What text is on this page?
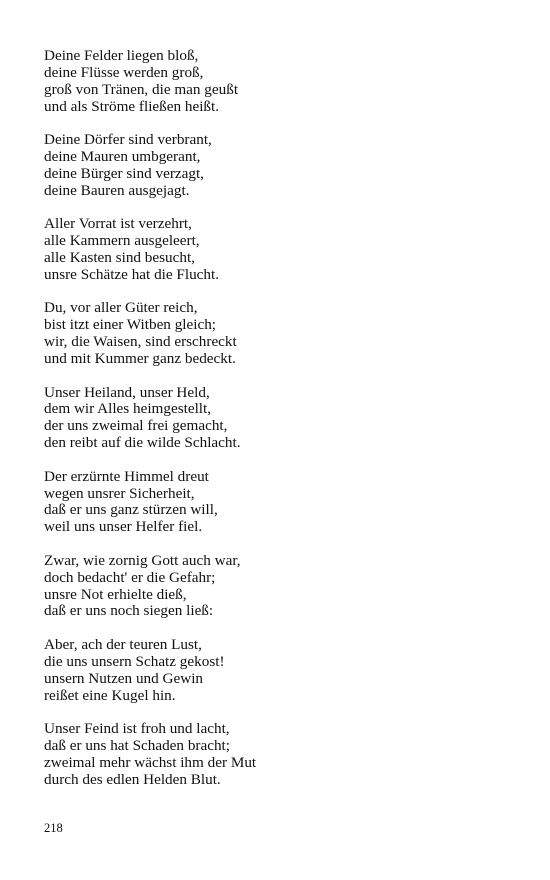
Deine Felder liegen bloß,
deine Flüsse werden groß,
groß von Tränen, die man geußt
und als Ströme fließen heißt.
Deine Dörfer sind verbrant,
deine Mauren umbgerant,
deine Bürger sind verzagt,
deine Bauren ausgejagt.
Aller Vorrat ist verzehrt,
alle Kammern ausgeleert,
alle Kasten sind besucht,
unsre Schätze hat die Flucht.
Du, vor aller Güter reich,
bist itzt einer Witben gleich;
wir, die Waisen, sind erschreckt
und mit Kummer ganz bedeckt.
Unser Heiland, unser Held,
dem wir Alles heimgestellt,
der uns zweimal frei gemacht,
den reibt auf die wilde Schlacht.
Der erzürnte Himmel dreut
wegen unsrer Sicherheit,
daß er uns ganz stürzen will,
weil uns unser Helfer fiel.
Zwar, wie zornig Gott auch war,
doch bedacht' er die Gefahr;
unsre Not erhielte dieß,
daß er uns noch siegen ließ:
Aber, ach der teuren Lust,
die uns unsern Schatz gekost!
unsern Nutzen und Gewin
reißet eine Kugel hin.
Unser Feind ist froh und lacht,
daß er uns hat Schaden bracht;
zweimal mehr wächst ihm der Mut
durch des edlen Helden Blut.
218
